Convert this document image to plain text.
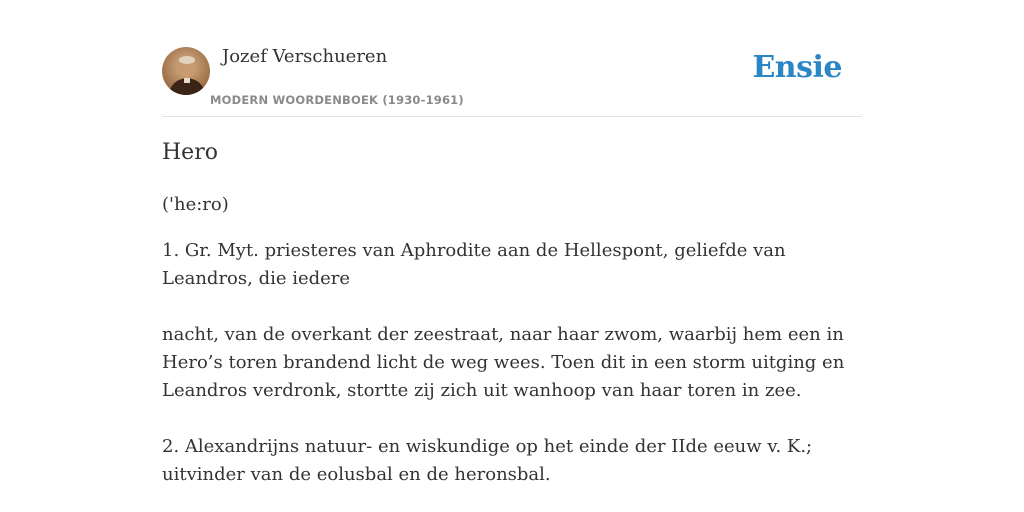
Jozef Verschueren
MODERN WOORDENBOEK (1930-1961)
Ensie
Hero

('he:ro)

1. Gr. Myt. priesteres van Aphrodite aan de Hellespont, geliefde van Leandros, die iedere

nacht, van de overkant der zeestraat, naar haar zwom, waarbij hem een in Hero’s toren brandend licht de weg wees. Toen dit in een storm uitging en Leandros verdronk, stortte zij zich uit wanhoop van haar toren in zee.

2. Alexandrijns natuur- en wiskundige op het einde der IIde eeuw v. K.; uitvinder van de eolusbal en de heronsbal.
